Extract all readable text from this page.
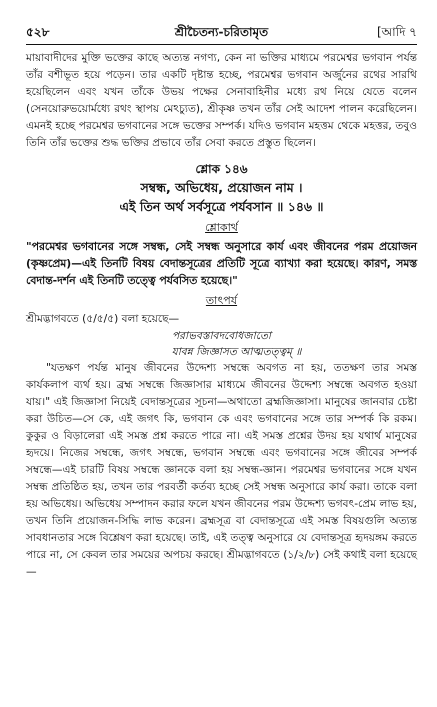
৫২৮	শ্রীচৈতন্য-চরিতামৃত	[আদি ৭

মায়াবাদীদের মুক্তি ভক্তের কাছে অত্যন্ত নগণ্য, কেন না ভক্তির মাধ্যমে পরমেশ্বর ভগবান পর্যন্ত তাঁর বশীভূত হয়ে পড়েন। তার একটি দৃষ্টান্ত হচ্ছে, পরমেশ্বর ভগবান অর্জুনের রথের সারথি হয়েছিলেন এবং যখন তাঁকে উভয় পক্ষের সেনাবাহিনীর মধ্যে রথ নিয়ে যেতে বলেন (সেনয়োরুভয়োর্মধ্যে রথং স্থাপয় মেঽচ্যুত), শ্রীকৃষ্ণ তখন তাঁর সেই আদেশ পালন করেছিলেন। এমনই হচ্ছে পরমেশ্বর ভগবানের সঙ্গে ভক্তের সম্পর্ক। যদিও ভগবান মহত্তম থেকে মহত্তর, তবুও তিনি তাঁর ভক্তের শুদ্ধ ভক্তির প্রভাবে তাঁর সেবা করতে প্রস্তুত ছিলেন।

শ্লোক ১৪৬
সম্বন্ধ, অভিধেয়, প্রয়োজন নাম ।
এই তিন অর্থ সর্বসূত্রে পর্যবসান ॥ ১৪৬ ॥
শ্লোকার্থ

"পরমেশ্বর ভগবানের সঙ্গে সম্বন্ধ, সেই সম্বন্ধ অনুসারে কার্য এবং জীবনের পরম প্রয়োজন (কৃষ্ণপ্রেম)—এই তিনটি বিষয় বেদান্তসূত্রের প্রতিটি সূত্রে ব্যাখ্যা করা হয়েছে। কারণ, সমস্ত বেদান্ত-দর্শন এই তিনটি তত্ত্বে পর্যবসিত হয়েছে।"

তাৎপর্য

শ্রীমদ্ভাগবতে (৫/৫/৫) বলা হয়েছে—

পরাভবস্তাবদবোধজাতো
যাবন্ন জিজ্ঞাসত আত্মতত্ত্বম্ ॥

"যতক্ষণ পর্যন্ত মানুষ জীবনের উদ্দেশ্য সম্বন্ধে অবগত না হয়, ততক্ষণ তার সমস্ত কার্যকলাপ ব্যর্থ হয়। ব্রহ্ম সম্বন্ধে জিজ্ঞাসার মাধ্যমে জীবনের উদ্দেশ্য সম্বন্ধে অবগত হওয়া যায়।" এই জিজ্ঞাসা নিয়েই বেদান্তসূত্রের সূচনা—অথাতো ব্রহ্মজিজ্ঞাসা। মানুষের জানবার চেষ্টা করা উচিত—সে কে, এই জগৎ কি, ভগবান কে এবং ভগবানের সঙ্গে তার সম্পর্ক কি রকম। কুকুর ও বিড়ালেরা এই সমস্ত প্রশ্ন করতে পারে না। এই সমস্ত প্রশ্নের উদয় হয় যথার্থ মানুষের হৃদয়ে। নিজের সম্বন্ধে, জগৎ সম্বন্ধে, ভগবান সম্বন্ধে এবং ভগবানের সঙ্গে জীবের সম্পর্ক সম্বন্ধে—এই চারটি বিষয় সম্বন্ধে জ্ঞানকে বলা হয় সম্বন্ধ-জ্ঞান। পরমেশ্বর ভগবানের সঙ্গে যখন সম্বন্ধ প্রতিষ্ঠিত হয়, তখন তার পরবর্তী কর্তব্য হচ্ছে সেই সম্বন্ধ অনুসারে কার্য করা। তাকে বলা হয় অভিধেয়। অভিধেয় সম্পাদন করার ফলে যখন জীবনের পরম উদ্দেশ্য ভগবৎ-প্রেম লাভ হয়, তখন তিনি প্রয়োজন-সিদ্ধি লাভ করেন। ব্রহ্মসূত্র বা বেদান্তসূত্রে এই সমস্ত বিষয়গুলি অত্যন্ত সাবধানতার সঙ্গে বিশ্লেষণ করা হয়েছে। তাই, এই তত্ত্ব অনুসারে যে বেদান্তসূত্র হৃদয়ঙ্গম করতে পারে না, সে কেবল তার সময়ের অপচয় করছে। শ্রীমদ্ভাগবতে (১/২/৮) সেই কথাই বলা হয়েছে—
